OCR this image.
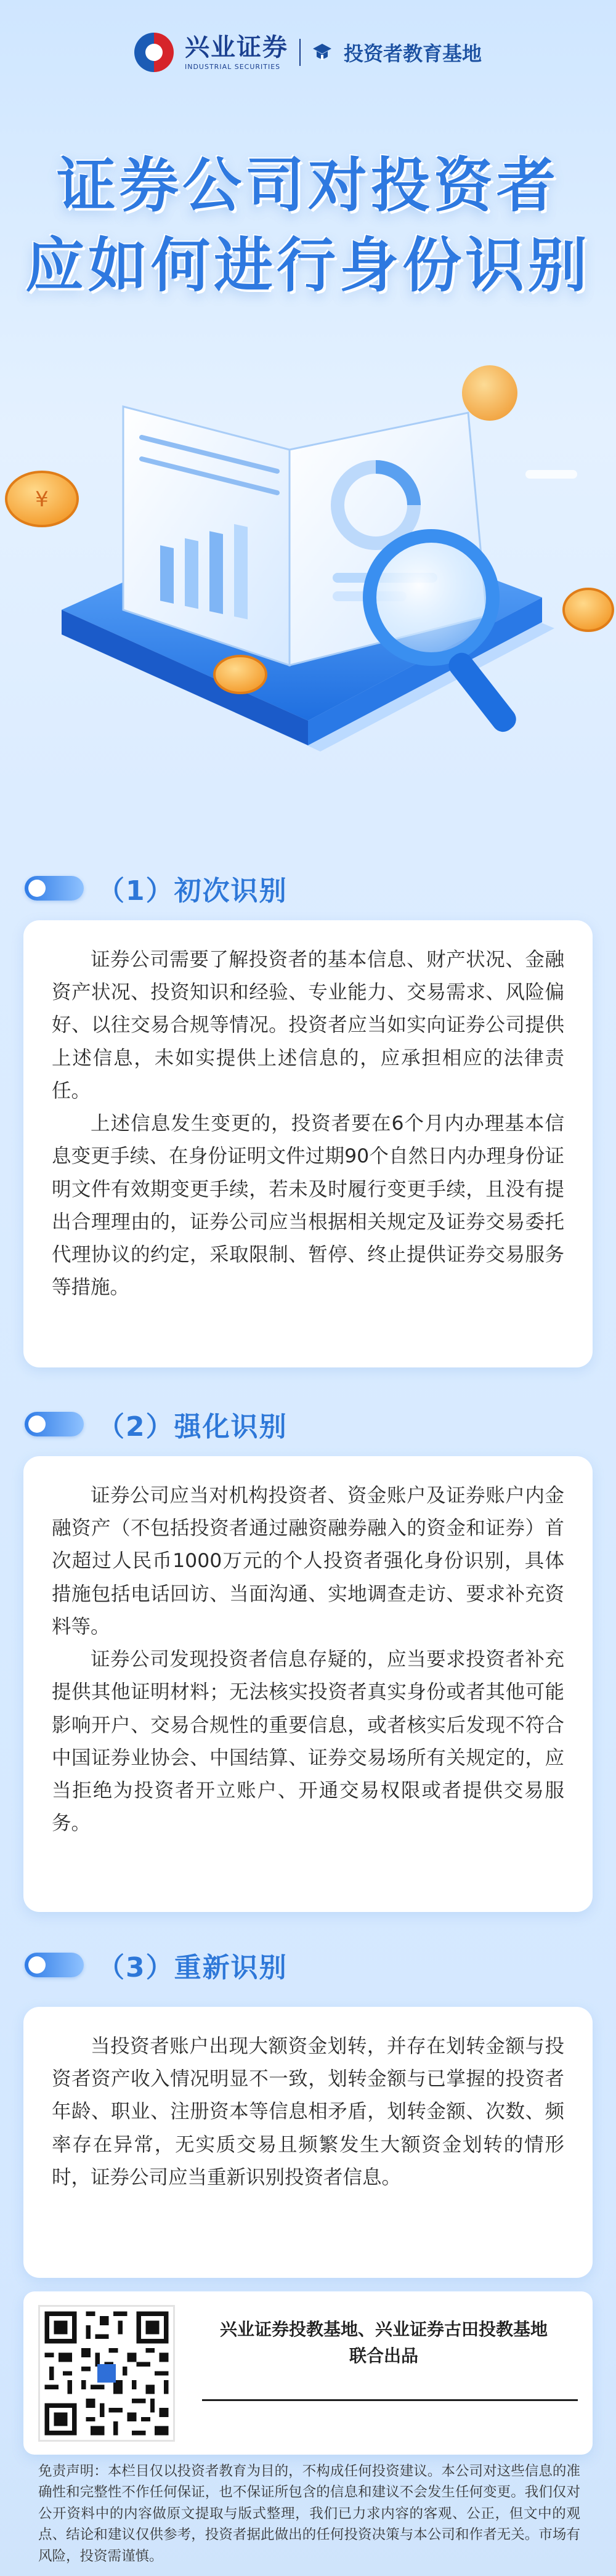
兴业证券
INDUSTRIAL SECURITIES
投资者教育基地
证券公司对投资者
应如何进行身份识别
¥
（1）初次识别

证券公司需要了解投资者的基本信息、财产状况、金融资产状况、投资知识和经验、专业能力、交易需求、风险偏好、以往交易合规等情况。投资者应当如实向证券公司提供上述信息，未如实提供上述信息的，应承担相应的法律责任。

上述信息发生变更的，投资者要在6个月内办理基本信息变更手续、在身份证明文件过期90个自然日内办理身份证明文件有效期变更手续，若未及时履行变更手续，且没有提出合理理由的，证券公司应当根据相关规定及证券交易委托代理协议的约定，采取限制、暂停、终止提供证券交易服务等措施。

（2）强化识别

证券公司应当对机构投资者、资金账户及证券账户内金融资产（不包括投资者通过融资融券融入的资金和证券）首次超过人民币1000万元的个人投资者强化身份识别，具体措施包括电话回访、当面沟通、实地调查走访、要求补充资料等。

证券公司发现投资者信息存疑的，应当要求投资者补充提供其他证明材料；无法核实投资者真实身份或者其他可能影响开户、交易合规性的重要信息，或者核实后发现不符合中国证券业协会、中国结算、证券交易场所有关规定的，应当拒绝为投资者开立账户、开通交易权限或者提供交易服务。

（3）重新识别

当投资者账户出现大额资金划转，并存在划转金额与投资者资产收入情况明显不一致，划转金额与已掌握的投资者年龄、职业、注册资本等信息相矛盾，划转金额、次数、频率存在异常，无实质交易且频繁发生大额资金划转的情形时，证券公司应当重新识别投资者信息。

兴业证券投教基地、兴业证券古田投教基地
联合出品
免责声明：本栏目仅以投资者教育为目的，不构成任何投资建议。本公司对这些信息的准确性和完整性不作任何保证，也不保证所包含的信息和建议不会发生任何变更。我们仅对公开资料中的内容做原文提取与版式整理，我们已力求内容的客观、公正，但文中的观点、结论和建议仅供参考，投资者据此做出的任何投资决策与本公司和作者无关。市场有风险，投资需谨慎。
